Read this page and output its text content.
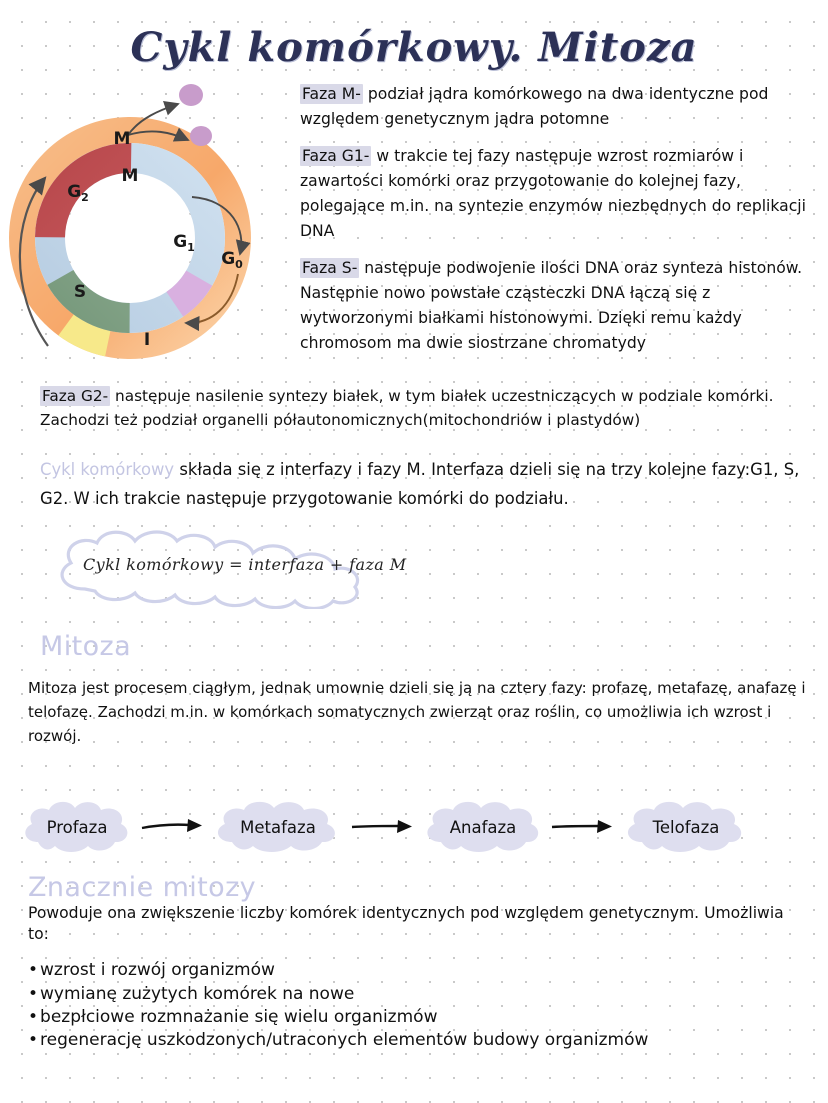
Cykl komórkowy. Mitoza
M
M
$G_2$
S
$G_1$
I
$G_0$

Faza M- podział jądra komórkowego na dwa identyczne pod względem genetycznym jądra potomne

Faza G1- w trakcie tej fazy następuje wzrost rozmiarów i zawartości komórki oraz przygotowanie do kolejnej fazy, polegające m.in. na syntezie enzymów niezbędnych do replikacji DNA

Faza S- następuje podwojenie ilości DNA oraz synteza histonów. Następnie nowo powstałe cząsteczki DNA łączą się z wytworzonymi białkami histonowymi. Dzięki remu każdy chromosom ma dwie siostrzane chromatydy

Faza G2- następuje nasilenie syntezy białek, w tym białek uczestniczących w podziale komórki. Zachodzi też podział organelli półautonomicznych(mitochondriów i plastydów)

Cykl komórkowy składa się z interfazy i fazy M. Interfaza dzieli się na trzy kolejne fazy:G1, S, G2. W ich trakcie następuje przygotowanie komórki do podziału.

Cykl komórkowy = interfaza + faza M
Mitoza

Mitoza jest procesem ciągłym, jednak umownie dzieli się ją na cztery fazy: profazę, metafazę, anafazę i telofazę. Zachodzi m.in. w komórkach somatycznych zwierząt oraz roślin, co umożliwia ich wzrost i rozwój.

Profaza	Metafaza	Anafaza	Telofaza
Znacznie mitozy

Powoduje ona zwiększenie liczby komórek identycznych pod względem genetycznym. Umożliwia to:

• wzrost i rozwój organizmów
• wymianę zużytych komórek na nowe
• bezpłciowe rozmnażanie się wielu organizmów
• regenerację uszkodzonych/utraconych elementów budowy organizmów
